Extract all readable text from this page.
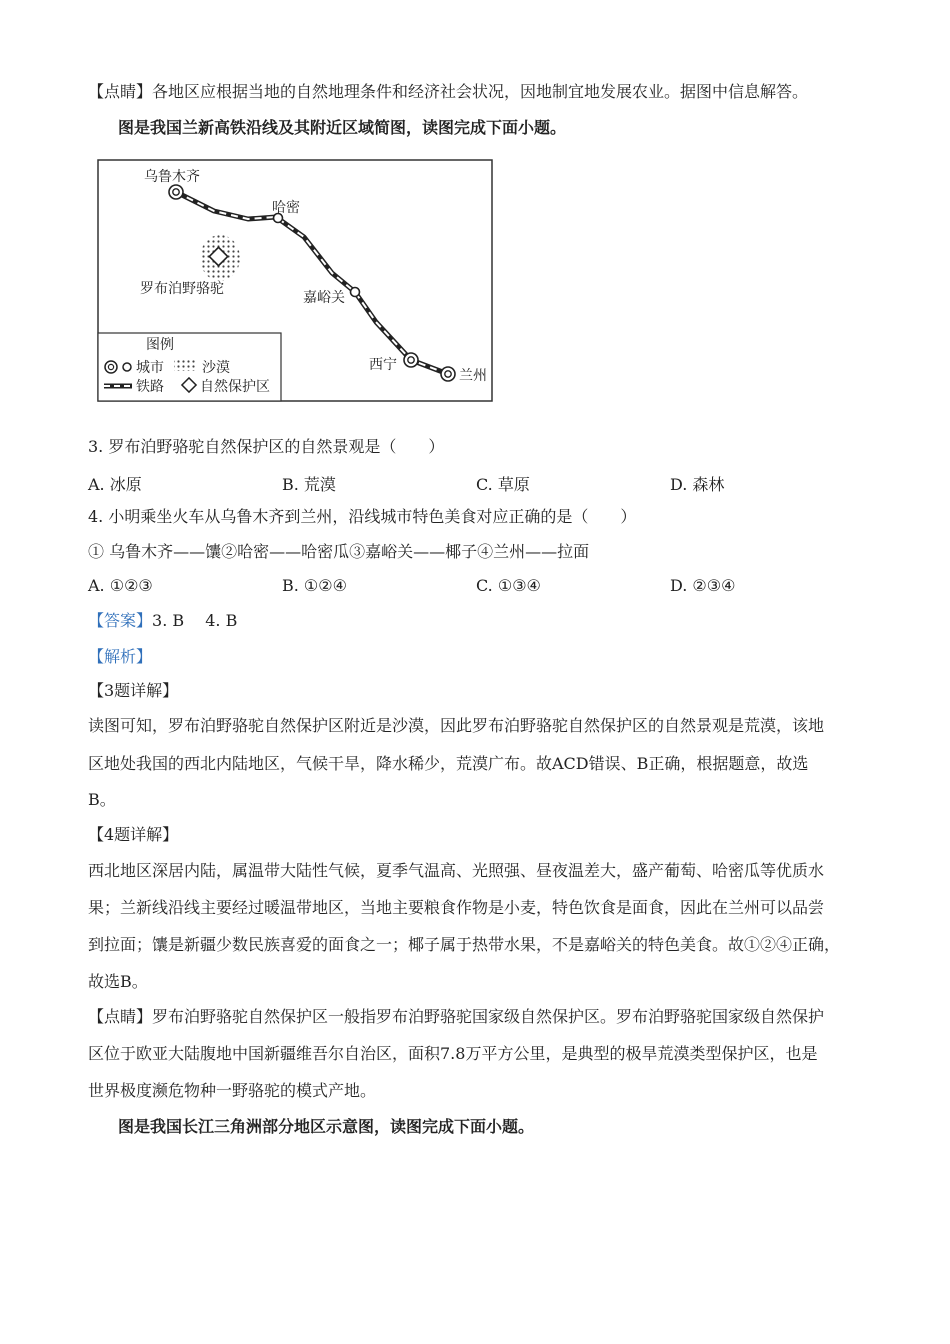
【点睛】各地区应根据当地的自然地理条件和经济社会状况，因地制宜地发展农业。据图中信息解答。
图是我国兰新高铁沿线及其附近区域简图，读图完成下面小题。
罗布泊野骆驼
乌鲁木齐
哈密
嘉峪关
西宁
兰州
图例
城市	沙漠
铁路	自然保护区
3. 罗布泊野骆驼自然保护区的自然景观是（　　）
A. 冰原	B. 荒漠	C. 草原	D. 森林
4. 小明乘坐火车从乌鲁木齐到兰州，沿线城市特色美食对应正确的是（　　）
① 乌鲁木齐——馕②哈密——哈密瓜③嘉峪关——椰子④兰州——拉面
A. ①②③	B. ①②④	C. ①③④	D. ②③④
【答案】3. B　 4. B
【解析】
【3题详解】
读图可知，罗布泊野骆驼自然保护区附近是沙漠，因此罗布泊野骆驼自然保护区的自然景观是荒漠，该地
区地处我国的西北内陆地区，气候干旱，降水稀少，荒漠广布。故ACD错误、B正确，根据题意，故选
B。
【4题详解】
西北地区深居内陆，属温带大陆性气候，夏季气温高、光照强、昼夜温差大，盛产葡萄、哈密瓜等优质水
果；兰新线沿线主要经过暖温带地区，当地主要粮食作物是小麦，特色饮食是面食，因此在兰州可以品尝
到拉面；馕是新疆少数民族喜爱的面食之一；椰子属于热带水果，不是嘉峪关的特色美食。故①②④正确，
故选B。
【点睛】罗布泊野骆驼自然保护区一般指罗布泊野骆驼国家级自然保护区。罗布泊野骆驼国家级自然保护
区位于欧亚大陆腹地中国新疆维吾尔自治区，面积7.8万平方公里，是典型的极旱荒漠类型保护区，也是
世界极度濒危物种一野骆驼的模式产地。
图是我国长江三角洲部分地区示意图，读图完成下面小题。
